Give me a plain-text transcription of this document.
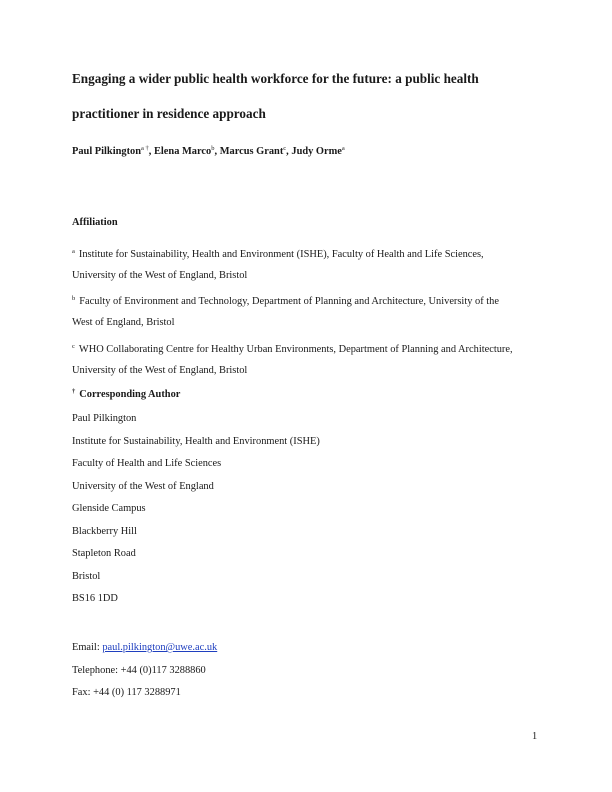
Engaging a wider public health workforce for the future: a public health
practitioner in residence approach
Paul Pilkington$^{a \dagger}$, Elena Marco$^b$, Marcus Grant$^c$, Judy Orme$^a$
Affiliation
$^a$ Institute for Sustainability, Health and Environment (ISHE), Faculty of Health and Life Sciences,
University of the West of England, Bristol
$^b$ Faculty of Environment and Technology, Department of Planning and Architecture, University of the
West of England, Bristol
$^c$ WHO Collaborating Centre for Healthy Urban Environments, Department of Planning and Architecture,
University of the West of England, Bristol
† Corresponding Author
Paul Pilkington
Institute for Sustainability, Health and Environment (ISHE)
Faculty of Health and Life Sciences
University of the West of England
Glenside Campus
Blackberry Hill
Stapleton Road
Bristol
BS16 1DD
Email: paul.pilkington@uwe.ac.uk
Telephone: +44 (0)117 3288860
Fax: +44 (0) 117 3288971
1
